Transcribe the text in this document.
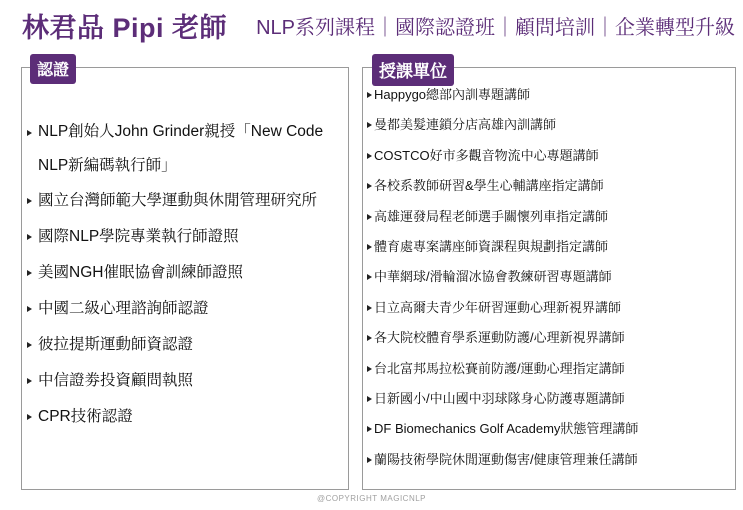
林君品 Pipi 老師 NLP系列課程｜國際認證班｜顧問培訓｜企業轉型升級
認證
NLP創始人John Grinder親授「New Code NLP新編碼執行師」
國立台灣師範大學運動與休閒管理研究所
國際NLP學院專業執行師證照
美國NGH催眠協會訓練師證照
中國二級心理諮詢師認證
彼拉提斯運動師資認證
中信證劵投資顧問執照
CPR技術認證
授課單位
Happygo總部內訓專題講師
曼都美髮連鎖分店高雄內訓講師
COSTCO好市多觀音物流中心專題講師
各校系教師研習&學生心輔講座指定講師
高雄運發局程老師選手關懷列車指定講師
體育處專案講座師資課程與規劃指定講師
中華網球/滑輪溜冰協會教練研習專題講師
日立高爾夫青少年研習運動心理新視界講師
各大院校體育學系運動防護/心理新視界講師
台北富邦馬拉松賽前防護/運動心理指定講師
日新國小/中山國中羽球隊身心防護專題講師
DF Biomechanics Golf Academy狀態管理講師
蘭陽技術學院休閒運動傷害/健康管理兼任講師
@COPYRIGHT MAGICNLP
